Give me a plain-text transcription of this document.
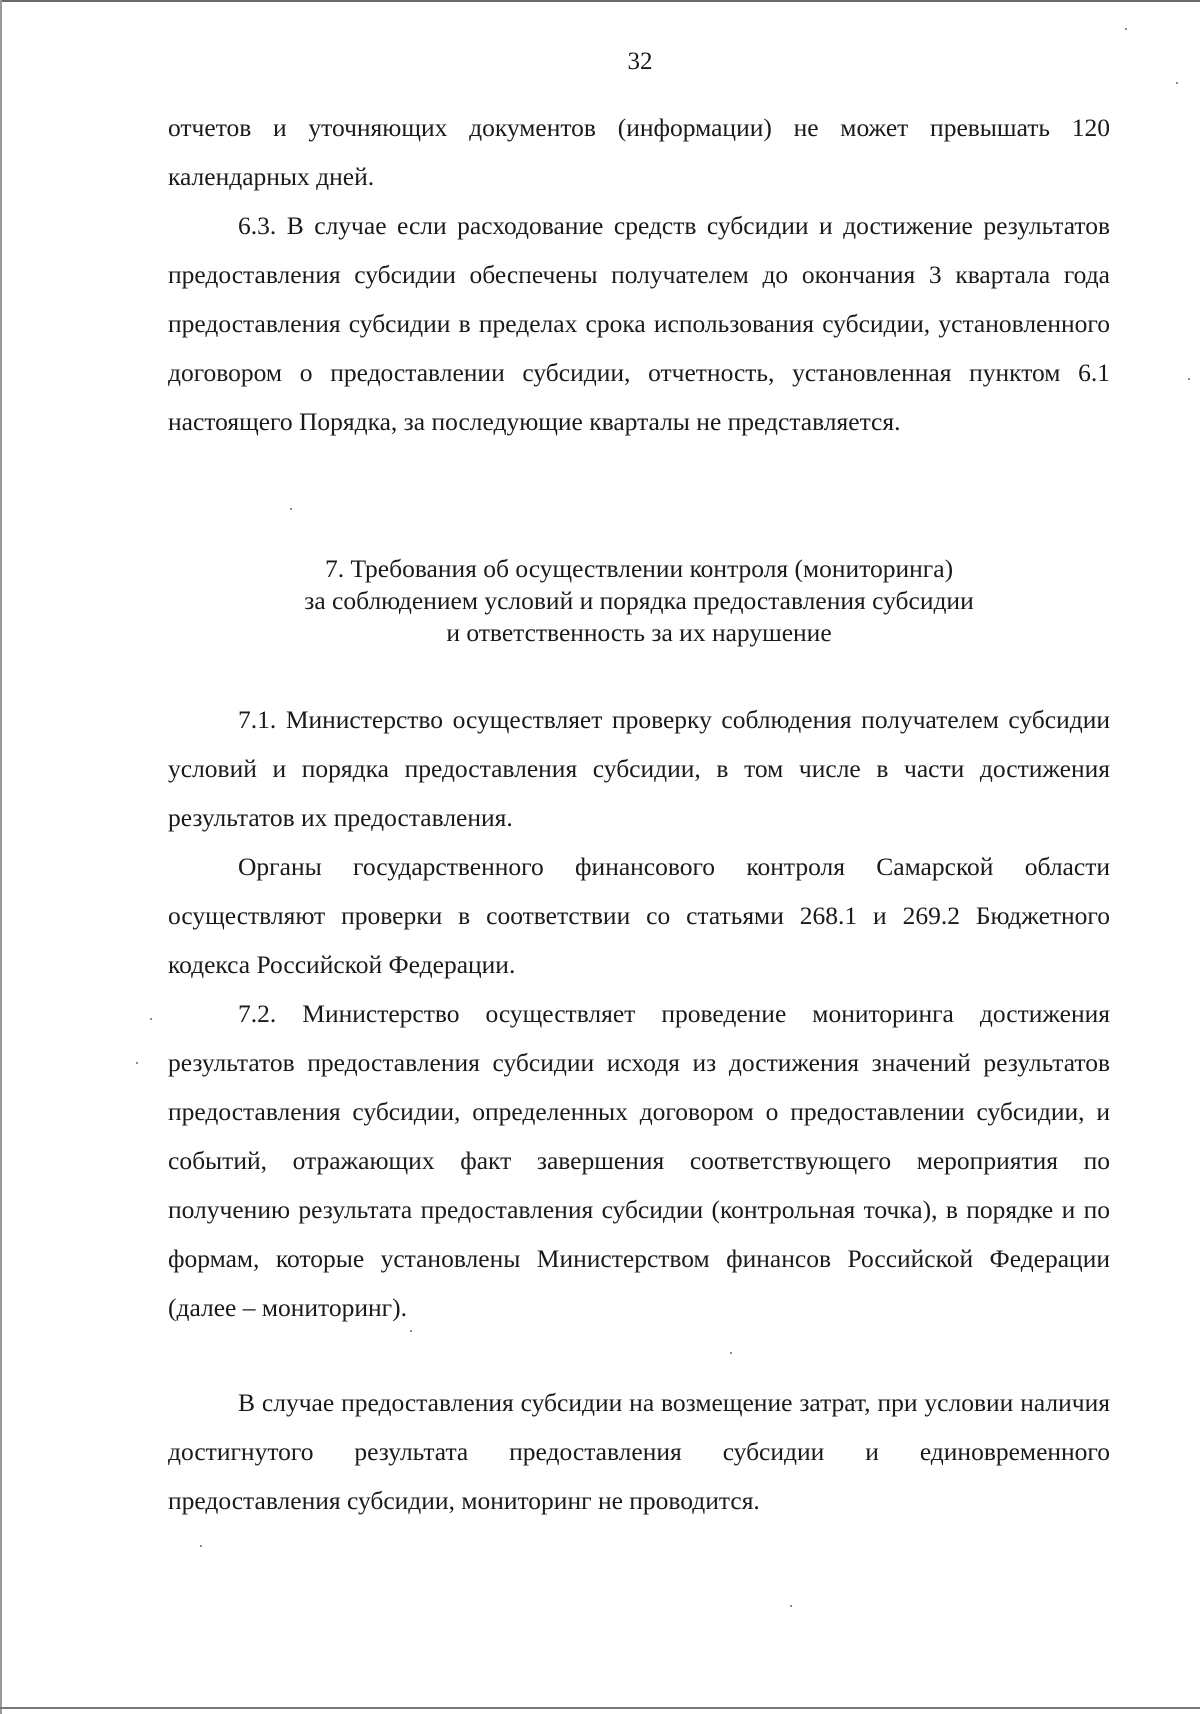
32

отчетов и уточняющих документов (информации) не может превышать 120 календарных дней.

6.3. В случае если расходование средств субсидии и достижение результатов предоставления субсидии обеспечены получателем до окончания 3 квартала года предоставления субсидии в пределах срока использования субсидии, установленного договором о предоставлении субсидии, отчетность, установленная пунктом 6.1 настоящего Порядка, за последующие кварталы не представляется.

7. Требования об осуществлении контроля (мониторинга)
за соблюдением условий и порядка предоставления субсидии
и ответственность за их нарушение

7.1. Министерство осуществляет проверку соблюдения получателем субсидии условий и порядка предоставления субсидии, в том числе в части достижения результатов их предоставления.

Органы государственного финансового контроля Самарской области осуществляют проверки в соответствии со статьями 268.1 и 269.2 Бюджетного кодекса Российской Федерации.

7.2. Министерство осуществляет проведение мониторинга достижения результатов предоставления субсидии исходя из достижения значений результатов предоставления субсидии, определенных договором о предоставлении субсидии, и событий, отражающих факт завершения соответствующего мероприятия по получению результата предоставления субсидии (контрольная точка), в порядке и по формам, которые установлены Министерством финансов Российской Федерации (далее – мониторинг).

В случае предоставления субсидии на возмещение затрат, при условии наличия достигнутого результата предоставления субсидии и единовременного предоставления субсидии, мониторинг не проводится.
